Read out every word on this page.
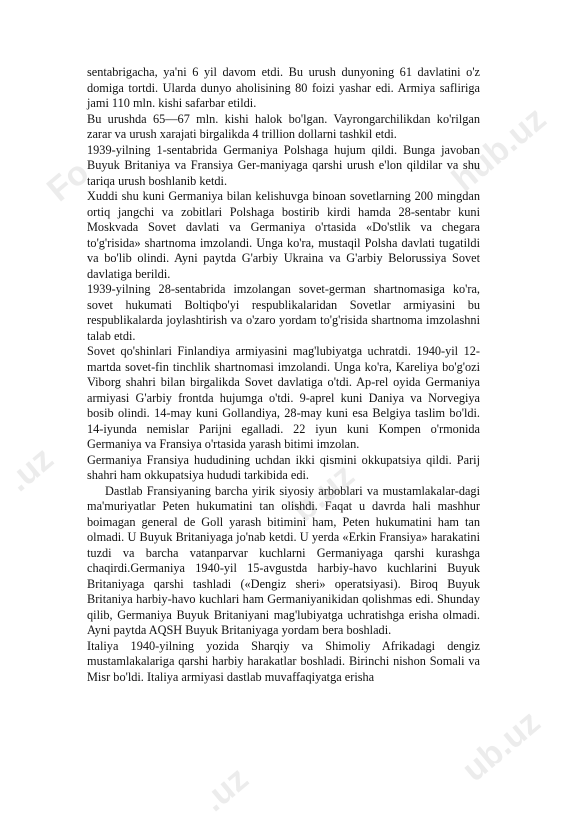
Fo	hub.uz
b.uz
.uz
.uz
ub.uz

sentabrigacha, ya'ni 6 yil davom etdi. Bu urush dunyoning 61 davlatini o'z domiga tortdi. Ularda dunyo aholisining 80 foizi yashar edi. Armiya safliriga jami 110 mln. kishi safarbar etildi.

Bu urushda 65—67 mln. kishi halok bo'lgan. Vayrongarchilikdan ko'rilgan zarar va urush xarajati birgalikda 4 trillion dollarni tashkil etdi.

1939-yilning 1-sentabrida Germaniya Polshaga hujum qildi. Bunga javoban Buyuk Britaniya va Fransiya Ger-maniyaga qarshi urush e'lon qildilar va shu tariqa urush boshlanib ketdi.

Xuddi shu kuni Germaniya bilan kelishuvga binoan sovetlarning 200 mingdan ortiq jangchi va zobitlari Polshaga bostirib kirdi hamda 28-sentabr kuni Moskvada Sovet davlati va Germaniya o'rtasida «Do'stlik va chegara to'g'risida» shartnoma imzolandi. Unga ko'ra, mustaqil Polsha davlati tugatildi va bo'lib olindi. Ayni paytda G'arbiy Ukraina va G'arbiy Belorussiya Sovet davlatiga berildi.

1939-yilning 28-sentabrida imzolangan sovet-german shartnomasiga ko'ra, sovet hukumati Boltiqbo'yi respublikalaridan Sovetlar armiyasini bu respublikalarda joylashtirish va o'zaro yordam to'g'risida shartnoma imzolashni talab etdi.

Sovet qo'shinlari Finlandiya armiyasini mag'lubiyatga uchratdi. 1940-yil 12-martda sovet-fin tinchlik shartnomasi imzolandi. Unga ko'ra, Kareliya bo'g'ozi Viborg shahri bilan birgalikda Sovet davlatiga o'tdi. Ap-rel oyida Germaniya armiyasi G'arbiy frontda hujumga o'tdi. 9-aprel kuni Daniya va Norvegiya bosib olindi. 14-may kuni Gollandiya, 28-may kuni esa Belgiya taslim bo'ldi. 14-iyunda nemislar Parijni egalladi. 22 iyun kuni Kompen o'rmonida Germaniya va Fransiya o'rtasida yarash bitimi imzolan.

Germaniya Fransiya hududining uchdan ikki qismini okkupatsiya qildi. Parij shahri ham okkupatsiya hududi tarkibida edi.

Dastlab Fransiyaning barcha yirik siyosiy arboblari va mustamlakalar-dagi ma'muriyatlar Peten hukumatini tan olishdi. Faqat u davrda hali mashhur boimagan general de Goll yarash bitimini ham, Peten hukumatini ham tan olmadi. U Buyuk Britaniyaga jo'nab ketdi. U yerda «Erkin Fransiya» harakatini tuzdi va barcha vatanparvar kuchlarni Germaniyaga qarshi kurashga chaqirdi.Germaniya 1940-yil 15-avgustda harbiy-havo kuchlarini Buyuk Britaniyaga qarshi tashladi («Dengiz sheri» operatsiyasi). Biroq Buyuk Britaniya harbiy-havo kuchlari ham Germaniyanikidan qolishmas edi. Shunday qilib, Germaniya Buyuk Britaniyani mag'lubiyatga uchratishga erisha olmadi. Ayni paytda AQSH Buyuk Britaniyaga yordam bera boshladi.

Italiya 1940-yilning yozida Sharqiy va Shimoliy Afrikadagi dengiz mustamlakalariga qarshi harbiy harakatlar boshladi. Birinchi nishon Somali va Misr bo'ldi. Italiya armiyasi dastlab muvaffaqiyatga erisha
